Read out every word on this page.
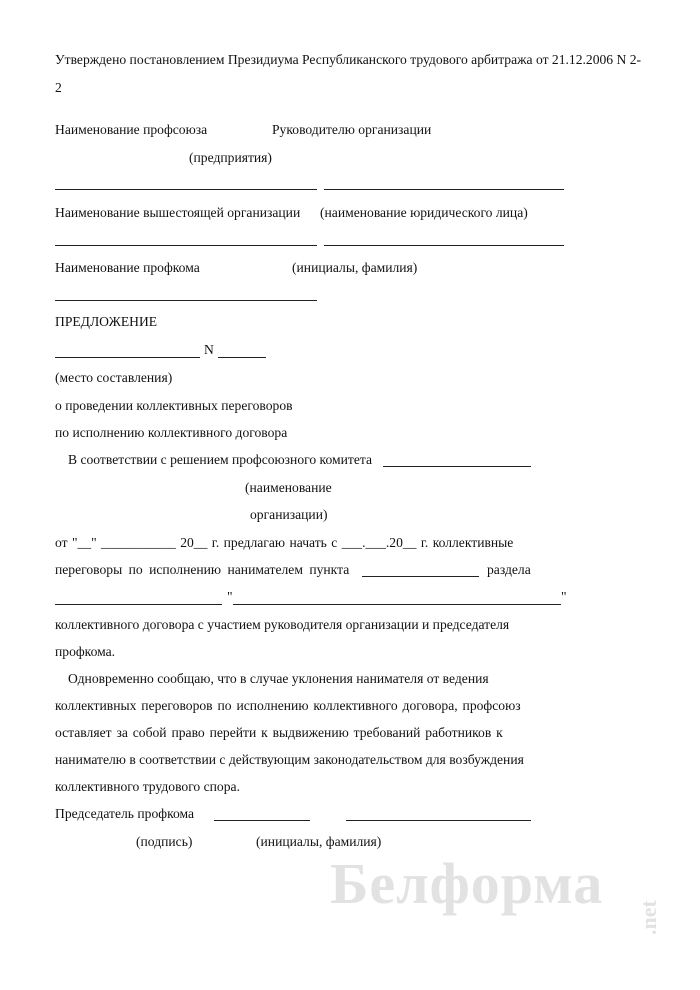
Утверждено постановлением Президиума Республиканского трудового арбитража от 21.12.2006 N 2-
2
Наименование профсоюза	Руководителю организации
(предприятия)
Наименование вышестоящей организации (наименование юридического лица)
Наименование профкома	(инициалы, фамилия)
ПРЕДЛОЖЕНИЕ
N
(место составления)
о проведении коллективных переговоров
по исполнению коллективного договора
В соответствии с решением профсоюзного комитета
(наименование
организации)
от "__" ___________ 20__ г. предлагаю начать с ___.___.20__ г. коллективные
переговоры по исполнению нанимателем пункта	раздела
"	"
коллективного договора с участием руководителя организации и председателя
профкома.
Одновременно сообщаю, что в случае уклонения нанимателя от ведения
коллективных переговоров по исполнению коллективного договора, профсоюз
оставляет за собой право перейти к выдвижению требований работников к
нанимателю в соответствии с действующим законодательством для возбуждения
коллективного трудового спора.
Председатель профкома
(подпись)	(инициалы, фамилия)
Белформа
.net
